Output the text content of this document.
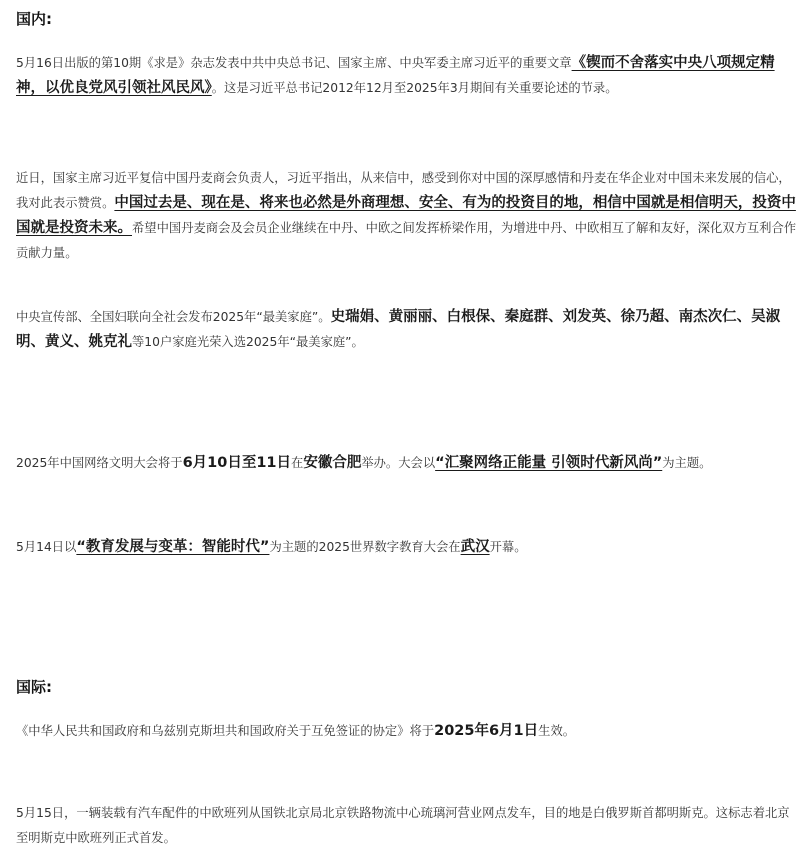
国内:

5月16日出版的第10期《求是》杂志发表中共中央总书记、国家主席、中央军委主席习近平的重要文章《锲而不舍落实中央八项规定精神，以优良党风引领社风民风》。这是习近平总书记2012年12月至2025年3月期间有关重要论述的节录。

近日，国家主席习近平复信中国丹麦商会负责人，习近平指出，从来信中，感受到你对中国的深厚感情和丹麦在华企业对中国未来发展的信心，我对此表示赞赏。中国过去是、现在是、将来也必然是外商理想、安全、有为的投资目的地，相信中国就是相信明天，投资中国就是投资未来。希望中国丹麦商会及会员企业继续在中丹、中欧之间发挥桥梁作用，为增进中丹、中欧相互了解和友好，深化双方互利合作贡献力量。

中央宣传部、全国妇联向全社会发布2025年“最美家庭”。史瑞娟、黄丽丽、白根保、秦庭群、刘发英、徐乃超、南杰次仁、吴淑明、黄义、姚克礼等10户家庭光荣入选2025年“最美家庭”。

2025年中国网络文明大会将于6月10日至11日在安徽合肥举办。大会以“汇聚网络正能量 引领时代新风尚”为主题。

5月14日以“教育发展与变革：智能时代”为主题的2025世界数字教育大会在武汉开幕。

国际:

《中华人民共和国政府和乌兹别克斯坦共和国政府关于互免签证的协定》将于2025年6月1日生效。

5月15日，一辆装载有汽车配件的中欧班列从国铁北京局北京铁路物流中心琉璃河营业网点发车，目的地是白俄罗斯首都明斯克。这标志着北京至明斯克中欧班列正式首发。
